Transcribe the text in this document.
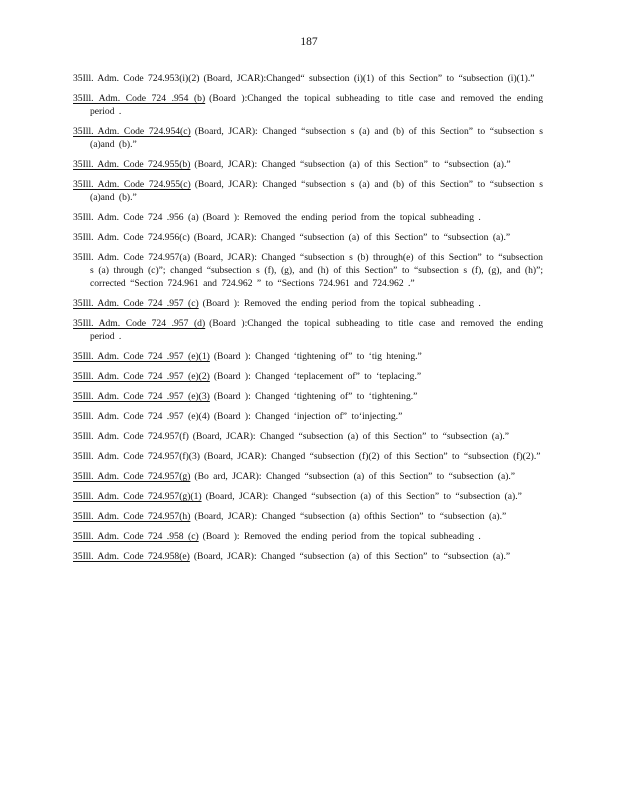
187

35Ill. Adm. Code 724.953(i)(2) (Board, JCAR):Changed“ subsection (i)(1) of this Section” to “subsection (i)(1).”

35Ill. Adm. Code 724 .954 (b) (Board ):Changed the topical subheading to title case and removed the ending period .

35Ill. Adm. Code 724.954(c) (Board, JCAR): Changed “subsection s (a) and (b) of this Section” to “subsection s (a)and (b).”

35Ill. Adm. Code 724.955(b) (Board, JCAR): Changed “subsection (a) of this Section” to “subsection (a).”

35Ill. Adm. Code 724.955(c) (Board, JCAR): Changed “subsection s (a) and (b) of this Section” to “subsection s (a)and (b).”

35Ill. Adm. Code 724 .956 (a) (Board ): Removed the ending period from the topical subheading .

35Ill. Adm. Code 724.956(c) (Board, JCAR): Changed “subsection (a) of this Section” to “subsection (a).”

35Ill. Adm. Code 724.957(a) (Board, JCAR): Changed “subsection s (b) through(e) of this Section” to “subsection s (a) through (c)”; changed “subsection s (f), (g), and (h) of this Section” to “subsection s (f), (g), and (h)”; corrected “Section 724.961 and 724.962 ” to “Sections 724.961 and 724.962 .”

35Ill. Adm. Code 724 .957 (c) (Board ): Removed the ending period from the topical subheading .

35Ill. Adm. Code 724 .957 (d) (Board ):Changed the topical subheading to title case and removed the ending period .

35Ill. Adm. Code 724 .957 (e)(1) (Board ): Changed ‘tightening of” to ‘tig htening.”

35Ill. Adm. Code 724 .957 (e)(2) (Board ): Changed ‘teplacement of” to ‘teplacing.”

35Ill. Adm. Code 724 .957 (e)(3) (Board ): Changed ‘tightening of” to ‘tightening.”

35Ill. Adm. Code 724 .957 (e)(4) (Board ): Changed ‘injection of” to‘injecting.”

35Ill. Adm. Code 724.957(f) (Board, JCAR): Changed “subsection (a) of this Section” to “subsection (a).”

35Ill. Adm. Code 724.957(f)(3) (Board, JCAR): Changed “subsection (f)(2) of this Section” to “subsection (f)(2).”

35Ill. Adm. Code 724.957(g) (Bo ard, JCAR): Changed “subsection (a) of this Section” to “subsection (a).”

35Ill. Adm. Code 724.957(g)(1) (Board, JCAR): Changed “subsection (a) of this Section” to “subsection (a).”

35Ill. Adm. Code 724.957(h) (Board, JCAR): Changed “subsection (a) ofthis Section” to “subsection (a).”

35Ill. Adm. Code 724 .958 (c) (Board ): Removed the ending period from the topical subheading .

35Ill. Adm. Code 724.958(e) (Board, JCAR): Changed “subsection (a) of this Section” to “subsection (a).”
